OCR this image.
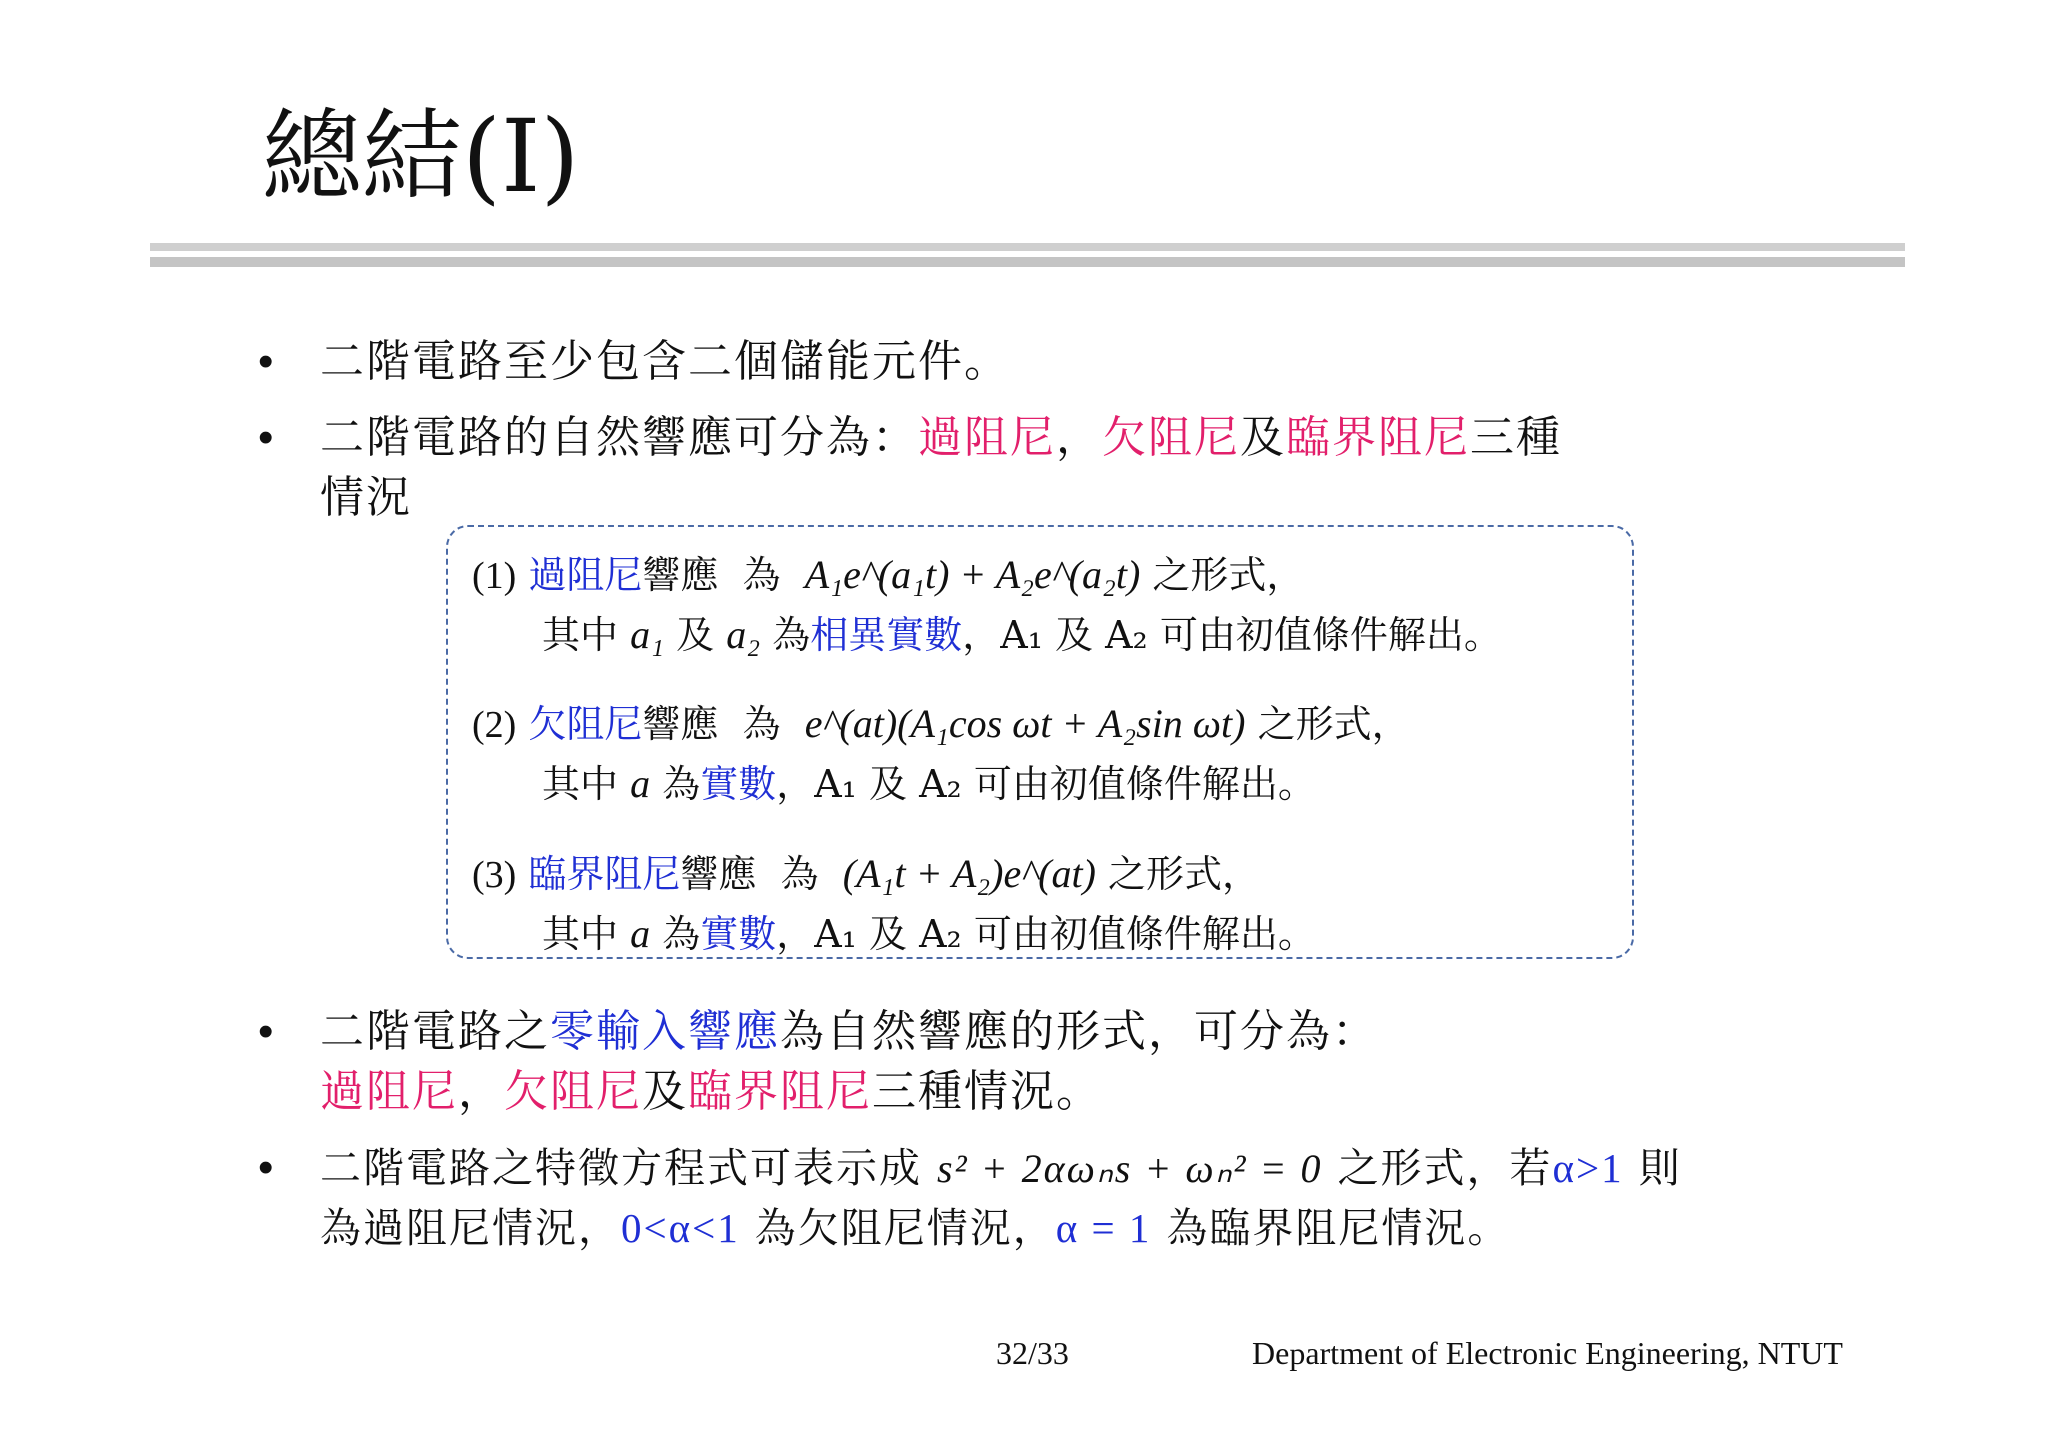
總結(I)
• 二階電路至少包含二個儲能元件。
• 二階電路的自然響應可分為：過阻尼，欠阻尼及臨界阻尼三種
情況
(1) 過阻尼響應 為 A₁e^(a₁t) + A₂e^(a₂t) 之形式，
其中 a₁ 及 a₂ 為相異實數，A₁ 及 A₂ 可由初值條件解出。
(2) 欠阻尼響應 為 e^(at)(A₁cos ωt + A₂sin ωt) 之形式，
其中 a 為實數，A₁ 及 A₂ 可由初值條件解出。
(3) 臨界阻尼響應 為 (A₁t + A₂)e^(at) 之形式，
其中 a 為實數，A₁ 及 A₂ 可由初值條件解出。
• 二階電路之零輸入響應為自然響應的形式，可分為：
過阻尼，欠阻尼及臨界阻尼三種情況。
• 二階電路之特徵方程式可表示成 s² + 2αωₙs + ωₙ² = 0 之形式，若α>1 則
為過阻尼情況，0<α<1 為欠阻尼情況，α = 1 為臨界阻尼情況。
32/33	Department of Electronic Engineering, NTUT
